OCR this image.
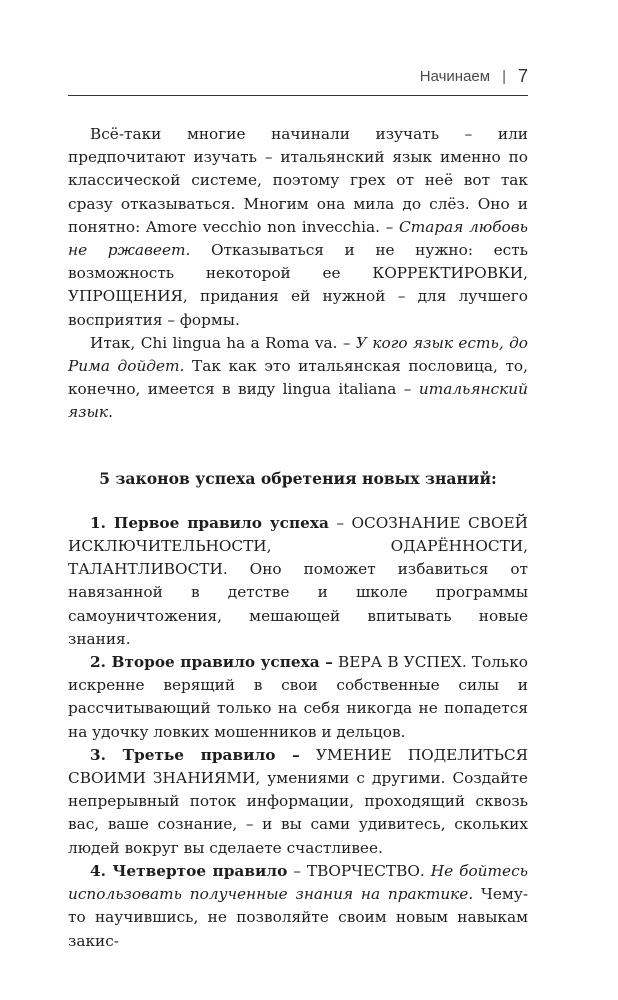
Начинаем | 7

Всё-таки многие начинали изучать – или предпочитают изучать – итальянский язык именно по классической системе, поэтому грех от неё вот так сразу отказываться. Многим она мила до слёз. Оно и понятно: Amore vecchio non invecchia. – Старая любовь не ржавеет. Отказываться и не нужно: есть возможность некоторой ее КОРРЕКТИРОВКИ, УПРОЩЕНИЯ, придания ей нужной – для лучшего восприятия – формы.

Итак, Chi lingua ha a Roma va. – У кого язык есть, до Рима дойдет. Так как это итальянская пословица, то, конечно, имеется в виду lingua italiana – итальянский язык.

5 законов успеха обретения новых знаний:

1. Первое правило успеха – ОСОЗНАНИЕ СВОЕЙ ИСКЛЮЧИТЕЛЬНОСТИ, ОДАРЁННОСТИ, ТАЛАНТЛИВОСТИ. Оно поможет избавиться от навязанной в детстве и школе программы самоуничтожения, мешающей впитывать новые знания.

2. Второе правило успеха – ВЕРА В УСПЕХ. Только искренне верящий в свои собственные силы и рассчитывающий только на себя никогда не попадется на удочку ловких мошенников и дельцов.

3. Третье правило – УМЕНИЕ ПОДЕЛИТЬСЯ СВОИМИ ЗНАНИЯМИ, умениями с другими. Создайте непрерывный поток информации, проходящий сквозь вас, ваше сознание, – и вы сами удивитесь, скольких людей вокруг вы сделаете счастливее.

4. Четвертое правило – ТВОРЧЕСТВО. Не бойтесь использовать полученные знания на практике. Чему-то научившись, не позволяйте своим новым навыкам закис-
